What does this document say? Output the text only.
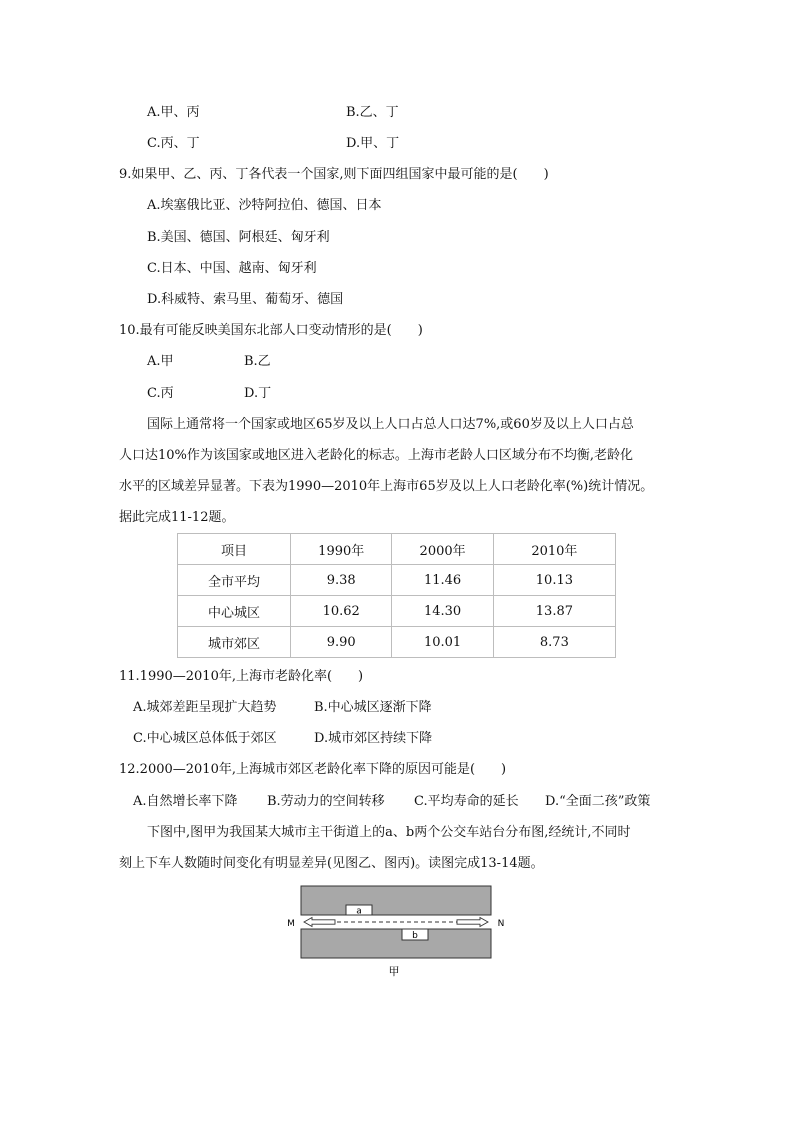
A.甲、丙	B.乙、丁
C.丙、丁	D.甲、丁
9.如果甲、乙、丙、丁各代表一个国家,则下面四组国家中最可能的是(　　)
A.埃塞俄比亚、沙特阿拉伯、德国、日本
B.美国、德国、阿根廷、匈牙利
C.日本、中国、越南、匈牙利
D.科威特、索马里、葡萄牙、德国
10.最有可能反映美国东北部人口变动情形的是(　　)
A.甲	B.乙
C.丙	D.丁
国际上通常将一个国家或地区65岁及以上人口占总人口达7%,或60岁及以上人口占总
人口达10%作为该国家或地区进入老龄化的标志。上海市老龄人口区域分布不均衡,老龄化
水平的区域差异显著。下表为1990—2010年上海市65岁及以上人口老龄化率(%)统计情况。
据此完成11-12题。
项目	1990年	2000年	2010年
全市平均	9.38	11.46	10.13
中心城区	10.62	14.30	13.87
城市郊区	9.90	10.01	8.73
11.1990—2010年,上海市老龄化率(　　)
A.城郊差距呈现扩大趋势	B.中心城区逐渐下降
C.中心城区总体低于郊区	D.城市郊区持续下降
12.2000—2010年,上海城市郊区老龄化率下降的原因可能是(　　)
A.自然增长率下降 B.劳动力的空间转移 C.平均寿命的延长 D.“全面二孩”政策
下图中,图甲为我国某大城市主干街道上的a、b两个公交车站台分布图,经统计,不同时
刻上下车人数随时间变化有明显差异(见图乙、图丙)。读图完成13-14题。
a
b
M	N
甲
